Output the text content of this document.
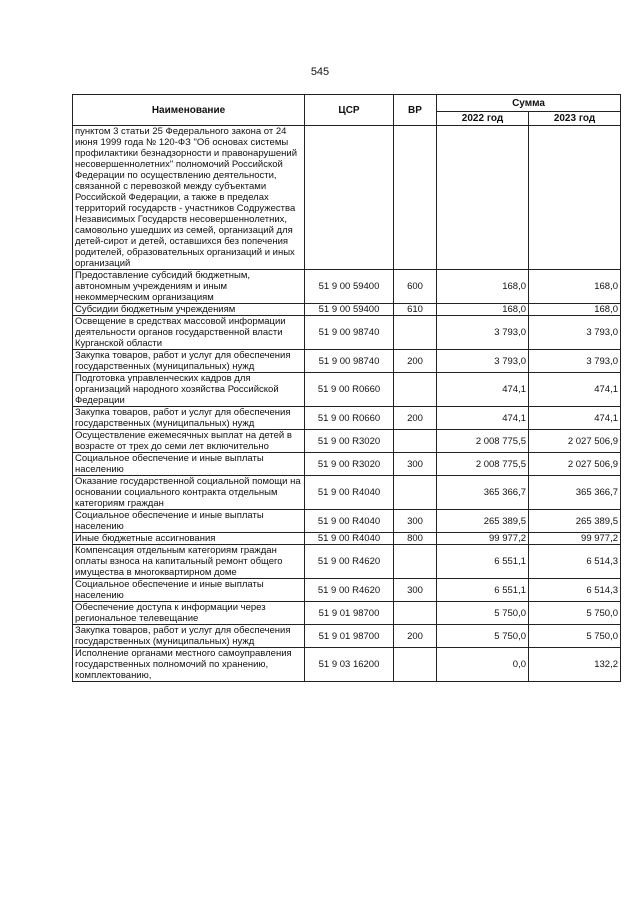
545
Наименование	ЦСР	ВР	Сумма	
			2022 год	2023 год
пунктом 3 статьи 25 Федерального закона от 24 июня 1999 года № 120-ФЗ "Об основах системы профилактики безнадзорности и правонарушений несовершеннолетних" полномочий Российской Федерации по осуществлению деятельности, связанной с перевозкой между субъектами Российской Федерации, а также в пределах территорий государств - участников Содружества Независимых Государств несовершеннолетних, самовольно ушедших из семей, организаций для детей-сирот и детей, оставшихся без попечения родителей, образовательных организаций и иных организаций				
Предоставление субсидий бюджетным, автономным учреждениям и иным некоммерческим организациям	51 9 00 59400	600	168,0	168,0
Субсидии бюджетным учреждениям	51 9 00 59400	610	168,0	168,0
Освещение в средствах массовой информации деятельности органов государственной власти Курганской области	51 9 00 98740		3 793,0	3 793,0
Закупка товаров, работ и услуг для обеспечения государственных (муниципальных) нужд	51 9 00 98740	200	3 793,0	3 793,0
Подготовка управленческих кадров для организаций народного хозяйства Российской Федерации	51 9 00 R0660		474,1	474,1
Закупка товаров, работ и услуг для обеспечения государственных (муниципальных) нужд	51 9 00 R0660	200	474,1	474,1
Осуществление ежемесячных выплат на детей в возрасте от трех до семи лет включительно	51 9 00 R3020		2 008 775,5	2 027 506,9
Социальное обеспечение и иные выплаты населению	51 9 00 R3020	300	2 008 775,5	2 027 506,9
Оказание государственной социальной помощи на основании социального контракта отдельным категориям граждан	51 9 00 R4040		365 366,7	365 366,7
Социальное обеспечение и иные выплаты населению	51 9 00 R4040	300	265 389,5	265 389,5
Иные бюджетные ассигнования	51 9 00 R4040	800	99 977,2	99 977,2
Компенсация отдельным категориям граждан оплаты взноса на капитальный ремонт общего имущества в многоквартирном доме	51 9 00 R4620		6 551,1	6 514,3
Социальное обеспечение и иные выплаты населению	51 9 00 R4620	300	6 551,1	6 514,3
Обеспечение доступа к информации через региональное телевещание	51 9 01 98700		5 750,0	5 750,0
Закупка товаров, работ и услуг для обеспечения государственных (муниципальных) нужд	51 9 01 98700	200	5 750,0	5 750,0
Исполнение органами местного самоуправления государственных полномочий по хранению, комплектованию,	51 9 03 16200		0,0	132,2
